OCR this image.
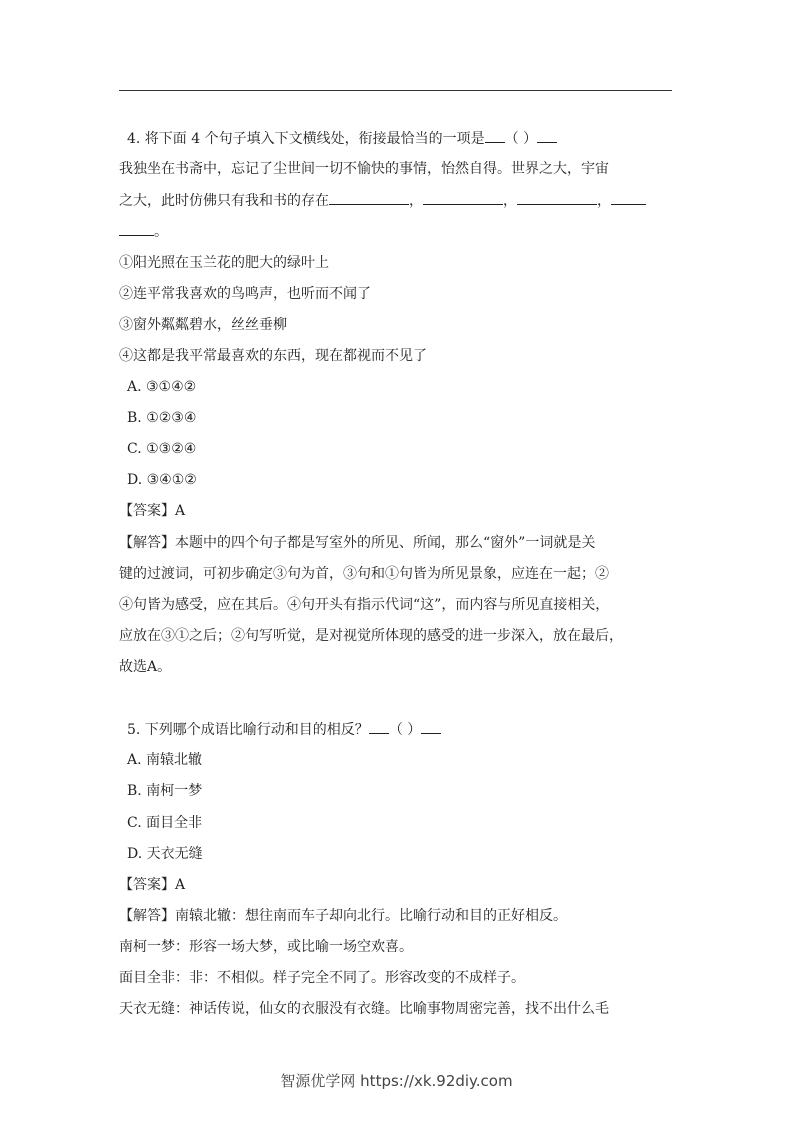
4. 将下面 4 个句子填入下文横线处，衔接最恰当的一项是 （ ）
我独坐在书斋中，忘记了尘世间一切不愉快的事情，怡然自得。世界之大，宇宙
之大，此时仿佛只有我和书的存在	，	，	，
。
①阳光照在玉兰花的肥大的绿叶上
②连平常我喜欢的鸟鸣声，也听而不闻了
③窗外粼粼碧水，丝丝垂柳
④这都是我平常最喜欢的东西，现在都视而不见了
A. ③①④②
B. ①②③④
C. ①③②④
D. ③④①②
【答案】A
【解答】本题中的四个句子都是写室外的所见、所闻，那么“窗外”一词就是关
键的过渡词，可初步确定③句为首，③句和①句皆为所见景象，应连在一起；②
④句皆为感受，应在其后。④句开头有指示代词“这”，而内容与所见直接相关，
应放在③①之后；②句写听觉，是对视觉所体现的感受的进一步深入，放在最后，
故选A。
5. 下列哪个成语比喻行动和目的相反？ （ ）
A. 南辕北辙
B. 南柯一梦
C. 面目全非
D. 天衣无缝
【答案】A
【解答】南辕北辙：想往南而车子却向北行。比喻行动和目的正好相反。
南柯一梦：形容一场大梦，或比喻一场空欢喜。
面目全非：非：不相似。样子完全不同了。形容改变的不成样子。
天衣无缝：神话传说，仙女的衣服没有衣缝。比喻事物周密完善，找不出什么毛
智源优学网 https://xk.92diy.com
